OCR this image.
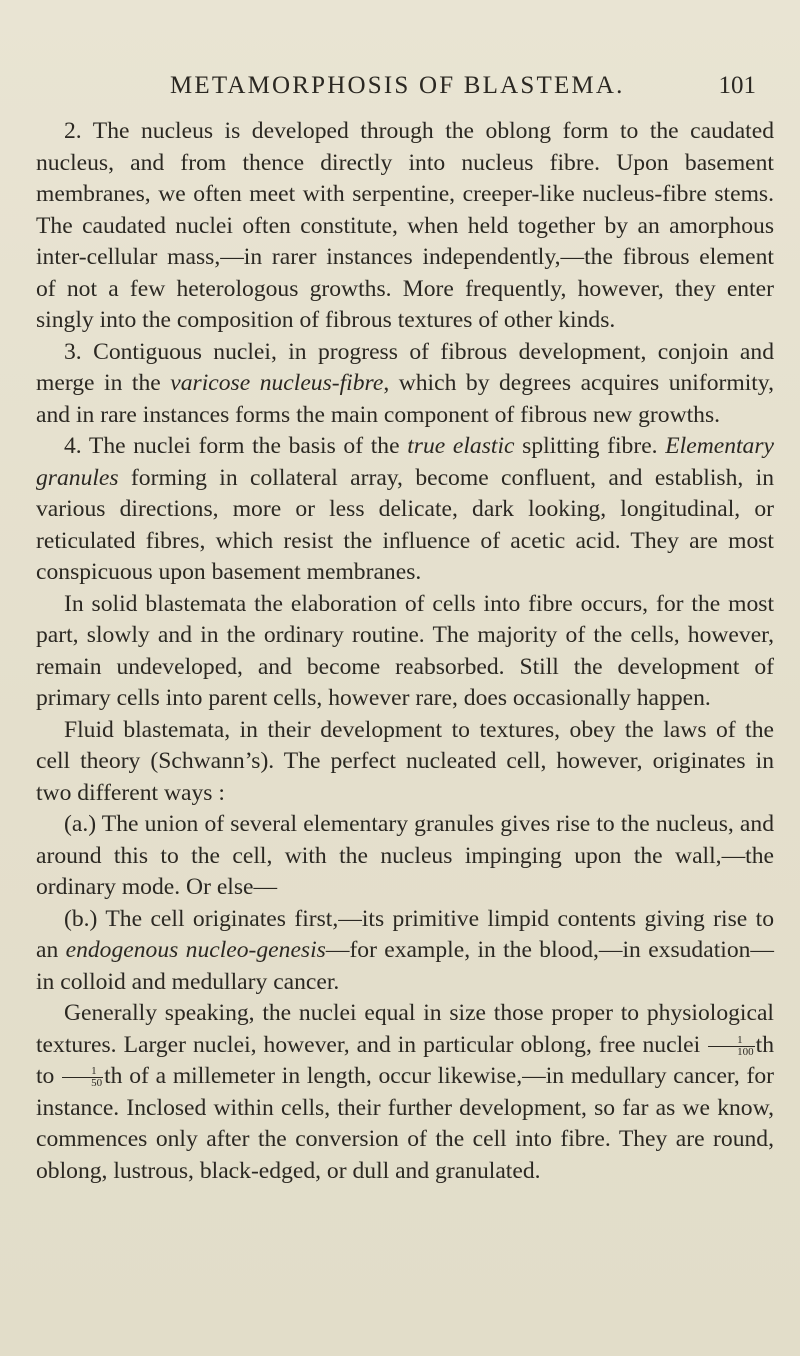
METAMORPHOSIS OF BLASTEMA.	101

2. The nucleus is developed through the oblong form to the caudated nucleus, and from thence directly into nucleus fibre. Upon basement membranes, we often meet with serpentine, creeper-like nucleus-fibre stems. The caudated nuclei often constitute, when held together by an amorphous inter-cellular mass,—in rarer instances independently,—the fibrous element of not a few heterologous growths. More frequently, however, they enter singly into the composition of fibrous textures of other kinds.

3. Contiguous nuclei, in progress of fibrous development, conjoin and merge in the varicose nucleus-fibre, which by degrees acquires uniformity, and in rare instances forms the main component of fibrous new growths.

4. The nuclei form the basis of the true elastic splitting fibre. Elementary granules forming in collateral array, become confluent, and establish, in various directions, more or less delicate, dark looking, longitudinal, or reticulated fibres, which resist the influence of acetic acid. They are most conspicuous upon basement membranes.

In solid blastemata the elaboration of cells into fibre occurs, for the most part, slowly and in the ordinary routine. The majority of the cells, however, remain undeveloped, and become reabsorbed. Still the development of primary cells into parent cells, however rare, does occasionally happen.

Fluid blastemata, in their development to textures, obey the laws of the cell theory (Schwann’s). The perfect nucleated cell, however, originates in two different ways :

(a.) The union of several elementary granules gives rise to the nucleus, and around this to the cell, with the nucleus impinging upon the wall,—the ordinary mode. Or else—

(b.) The cell originates first,—its primitive limpid contents giving rise to an endogenous nucleo-genesis—for example, in the blood,—in exsudation—in colloid and medullary cancer.

Generally speaking, the nuclei equal in size those proper to physiological textures. Larger nuclei, however, and in particular oblong, free nuclei $\frac{1}{100}$ th to $\frac{1}{50}$ th of a millemeter in length, occur likewise,—in medullary cancer, for instance. Inclosed within cells, their further development, so far as we know, commences only after the conversion of the cell into fibre. They are round, oblong, lustrous, black-edged, or dull and granulated.
